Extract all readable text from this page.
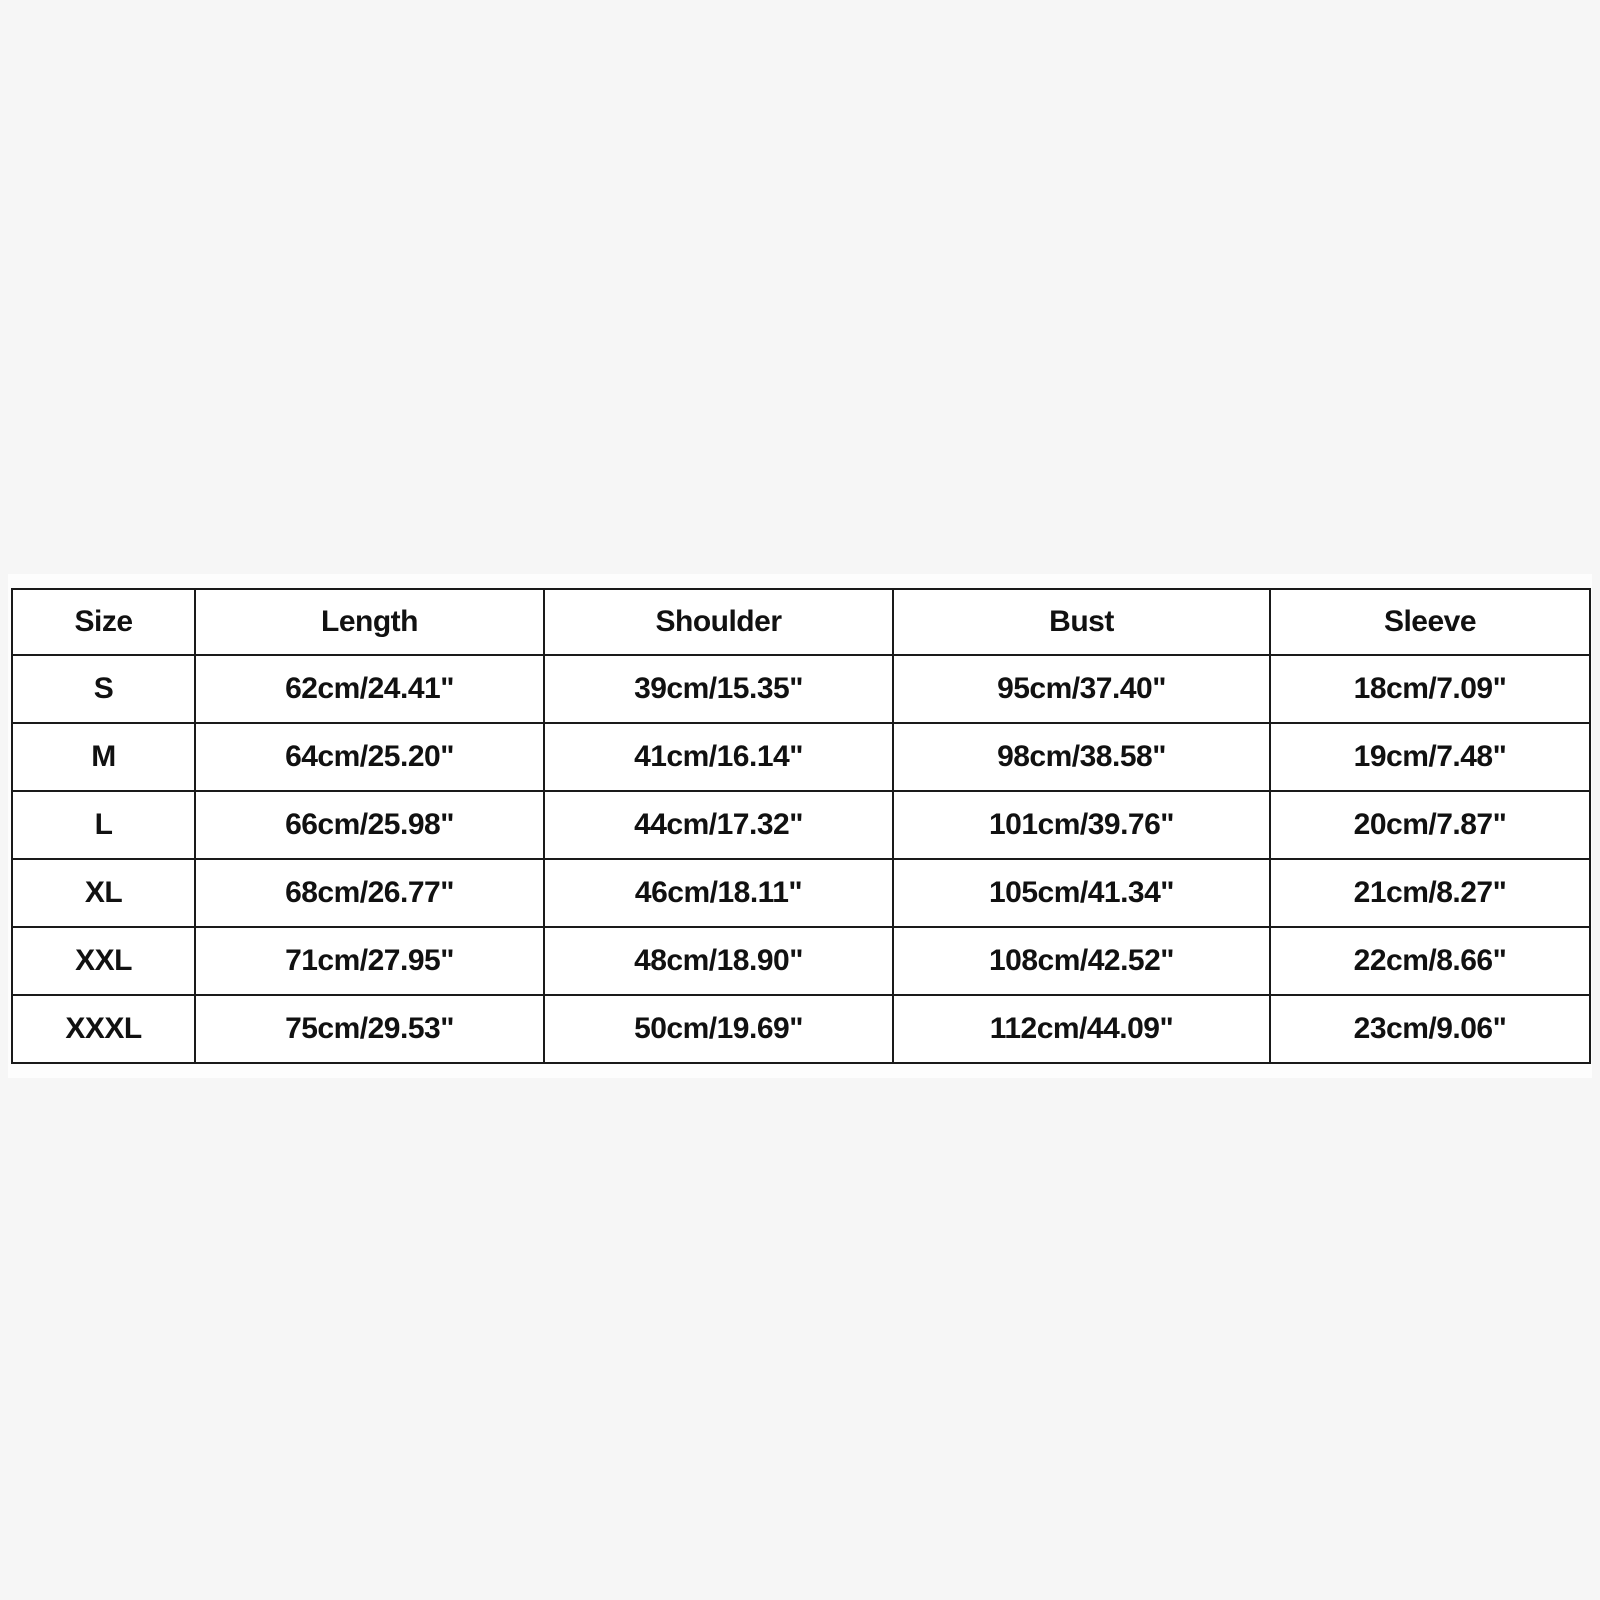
Size	Length	Shoulder	Bust	Sleeve
S	62cm/24.41"	39cm/15.35"	95cm/37.40"	18cm/7.09"
M	64cm/25.20"	41cm/16.14"	98cm/38.58"	19cm/7.48"
L	66cm/25.98"	44cm/17.32"	101cm/39.76"	20cm/7.87"
XL	68cm/26.77"	46cm/18.11"	105cm/41.34"	21cm/8.27"
XXL	71cm/27.95"	48cm/18.90"	108cm/42.52"	22cm/8.66"
XXXL	75cm/29.53"	50cm/19.69"	112cm/44.09"	23cm/9.06"
